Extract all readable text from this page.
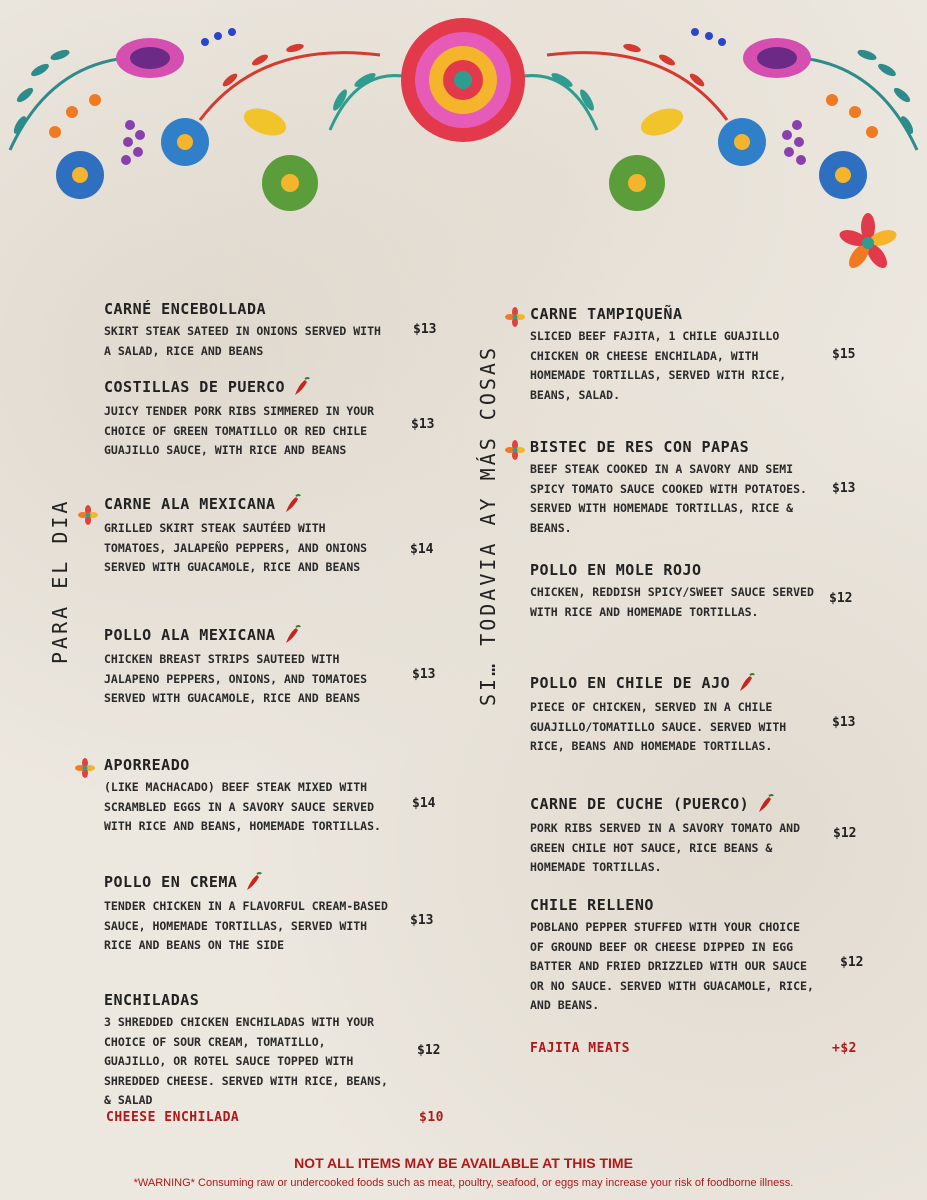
PARA EL DIA	SI… TODAVIA AY MÁS COSAS
CARNÉ ENCEBOLLADA
SKIRT STEAK SATEED IN ONIONS SERVED WITH A SALAD, RICE AND BEANS
$13
COSTILLAS DE PUERCO
JUICY TENDER PORK RIBS SIMMERED IN YOUR CHOICE OF GREEN TOMATILLO OR RED CHILE GUAJILLO SAUCE, WITH RICE AND BEANS
$13
CARNE ALA MEXICANA
GRILLED SKIRT STEAK SAUTÉED WITH TOMATOES, JALAPEÑO PEPPERS, AND ONIONS SERVED WITH GUACAMOLE, RICE AND BEANS
$14
POLLO ALA MEXICANA
CHICKEN BREAST STRIPS SAUTEED WITH JALAPENO PEPPERS, ONIONS, AND TOMATOES SERVED WITH GUACAMOLE, RICE AND BEANS
$13
APORREADO
(LIKE MACHACADO) BEEF STEAK MIXED WITH SCRAMBLED EGGS IN A SAVORY SAUCE SERVED WITH RICE AND BEANS, HOMEMADE TORTILLAS.
$14
POLLO EN CREMA
TENDER CHICKEN IN A FLAVORFUL CREAM-BASED SAUCE, HOMEMADE TORTILLAS, SERVED WITH RICE AND BEANS ON THE SIDE
$13
ENCHILADAS
3 SHREDDED CHICKEN ENCHILADAS WITH YOUR CHOICE OF SOUR CREAM, TOMATILLO, GUAJILLO, OR ROTEL SAUCE TOPPED WITH SHREDDED CHEESE. SERVED WITH RICE, BEANS, & SALAD
$12
CHEESE ENCHILADA	$10
CARNE TAMPIQUEÑA
SLICED BEEF FAJITA, 1 CHILE GUAJILLO CHICKEN OR CHEESE ENCHILADA, WITH HOMEMADE TORTILLAS, SERVED WITH RICE, BEANS, SALAD.
$15
BISTEC DE RES CON PAPAS
BEEF STEAK COOKED IN A SAVORY AND SEMI SPICY TOMATO SAUCE COOKED WITH POTATOES. SERVED WITH HOMEMADE TORTILLAS, RICE & BEANS.
$13
POLLO EN MOLE ROJO
CHICKEN, REDDISH SPICY/SWEET SAUCE SERVED WITH RICE AND HOMEMADE TORTILLAS.
$12
POLLO EN CHILE DE AJO
PIECE OF CHICKEN, SERVED IN A CHILE GUAJILLO/TOMATILLO SAUCE. SERVED WITH RICE, BEANS AND HOMEMADE TORTILLAS.
$13
CARNE DE CUCHE (PUERCO)
PORK RIBS SERVED IN A SAVORY TOMATO AND GREEN CHILE HOT SAUCE, RICE BEANS & HOMEMADE TORTILLAS.
$12
CHILE RELLENO
POBLANO PEPPER STUFFED WITH YOUR CHOICE OF GROUND BEEF OR CHEESE DIPPED IN EGG BATTER AND FRIED DRIZZLED WITH OUR SAUCE OR NO SAUCE. SERVED WITH GUACAMOLE, RICE, AND BEANS.
$12
FAJITA MEATS	+$2
NOT ALL ITEMS MAY BE AVAILABLE AT THIS TIME
*WARNING* Consuming raw or undercooked foods such as meat, poultry, seafood, or eggs may increase your risk of foodborne illness.
